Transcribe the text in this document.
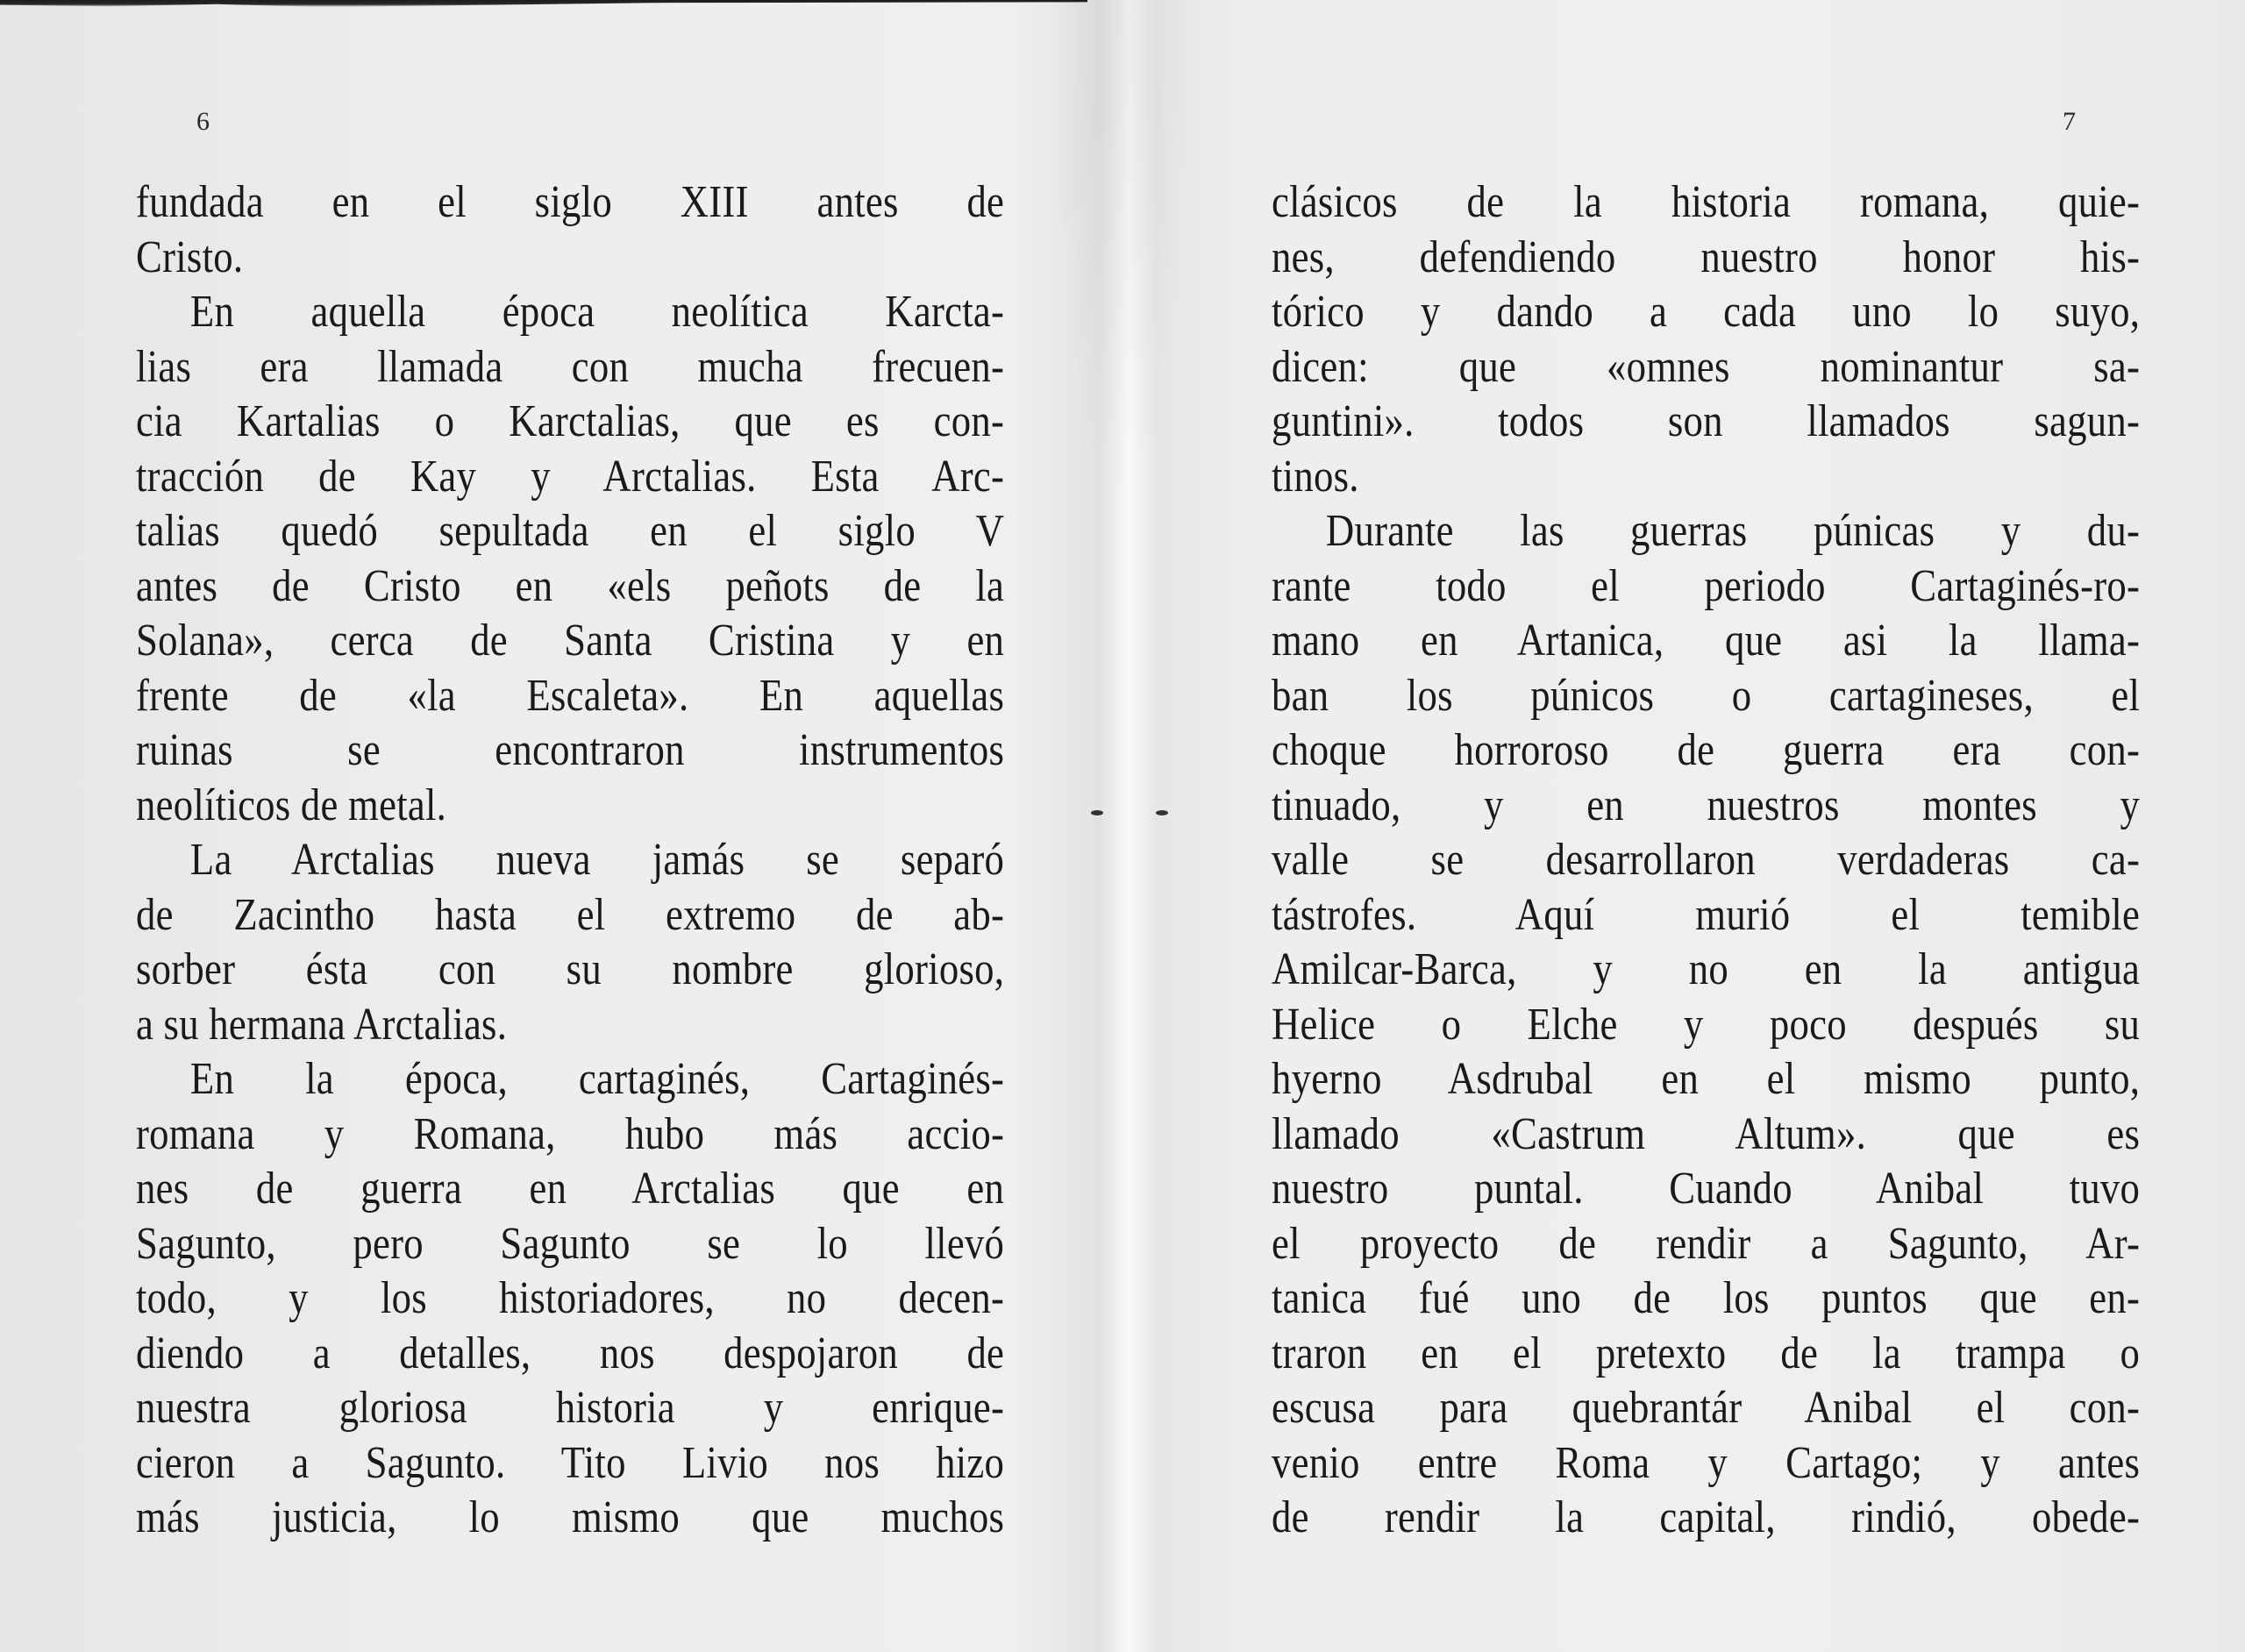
6
fundada en el siglo XIII antes de
Cristo.
En aquella época neolítica Karcta-
lias era llamada con mucha frecuen-
cia Kartalias o Karctalias, que es con-
tracción de Kay y Arctalias. Esta Arc-
talias quedó sepultada en el siglo V
antes de Cristo en «els peñots de la
Solana», cerca de Santa Cristina y en
frente de «la Escaleta». En aquellas
ruinas se encontraron instrumentos
neolíticos de metal.
La Arctalias nueva jamás se separó
de Zacintho hasta el extremo de ab-
sorber ésta con su nombre glorioso,
a su hermana Arctalias.
En la época, cartaginés, Cartaginés-
romana y Romana, hubo más accio-
nes de guerra en Arctalias que en
Sagunto, pero Sagunto se lo llevó
todo, y los historiadores, no decen-
diendo a detalles, nos despojaron de
nuestra gloriosa historia y enrique-
cieron a Sagunto. Tito Livio nos hizo
más justicia, lo mismo que muchos
7
clásicos de la historia romana, quie-
nes, defendiendo nuestro honor his-
tórico y dando a cada uno lo suyo,
dicen: que «omnes nominantur sa-
guntini». todos son llamados sagun-
tinos.
Durante las guerras púnicas y du-
rante todo el periodo Cartaginés-ro-
mano en Artanica, que asi la llama-
ban los púnicos o cartagineses, el
choque horroroso de guerra era con-
tinuado, y en nuestros montes y
valle se desarrollaron verdaderas ca-
tástrofes. Aquí murió el temible
Amilcar-Barca, y no en la antigua
Helice o Elche y poco después su
hyerno Asdrubal en el mismo punto,
llamado «Castrum Altum». que es
nuestro puntal. Cuando Anibal tuvo
el proyecto de rendir a Sagunto, Ar-
tanica fué uno de los puntos que en-
traron en el pretexto de la trampa o
escusa para quebrantár Anibal el con-
venio entre Roma y Cartago; y antes
de rendir la capital, rindió, obede-
